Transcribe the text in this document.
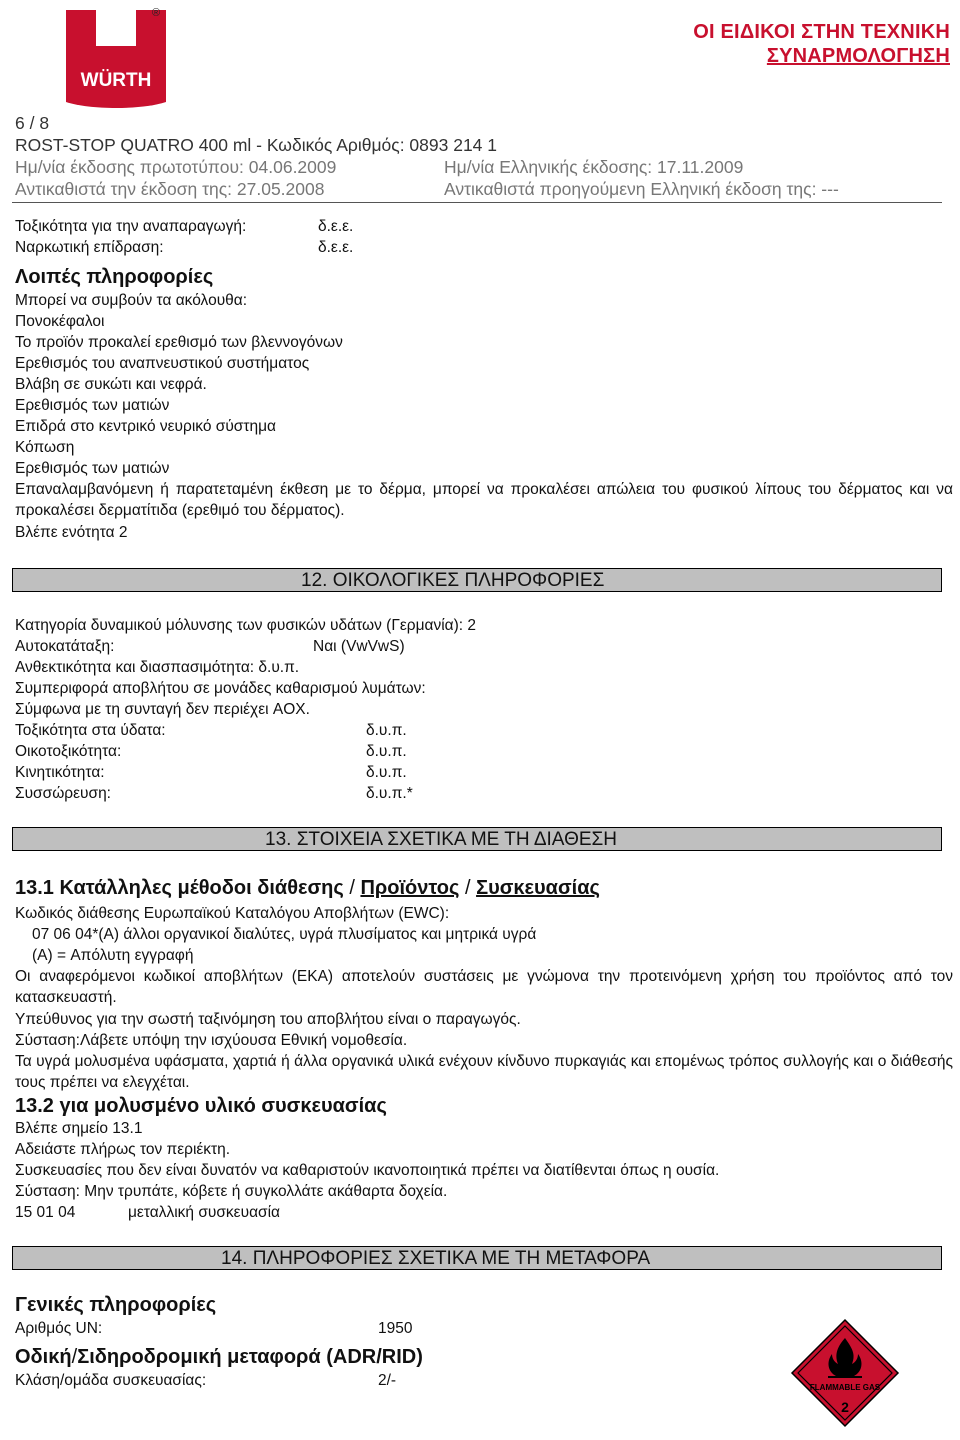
WÜRTH
®
ΟΙ ΕΙΔΙΚΟΙ ΣΤΗΝ ΤΕΧΝΙΚΗ
ΣΥΝΑΡΜΟΛΟΓΗΣΗ
6 / 8
ROST-STOP QUATRO 400 ml - Κωδικός Αριθμός: 0893 214 1
Ημ/νία έκδοσης πρωτοτύπου: 04.06.2009	Ημ/νία Ελληνικής έκδοσης: 17.11.2009
Αντικαθιστά την έκδοση της: 27.05.2008	Αντικαθιστά προηγούμενη Ελληνική έκδοση της: ---
Τοξικότητα για την αναπαραγωγή:	δ.ε.ε.
Ναρκωτική επίδραση:	δ.ε.ε.
Λοιπές πληροφορίες
Μπορεί να συμβούν τα ακόλουθα:
Πονοκέφαλοι
Το προϊόν προκαλεί ερεθισμό των βλεννογόνων
Ερεθισμός του αναπνευστικού συστήματος
Βλάβη σε συκώτι και νεφρά.
Ερεθισμός των ματιών
Επιδρά στο κεντρικό νευρικό σύστημα
Κόπωση
Ερεθισμός των ματιών
Επαναλαμβανόμενη ή παρατεταμένη έκθεση με το δέρμα, μπορεί να προκαλέσει απώλεια του φυσικού λίπους του δέρματος και να προκαλέσει δερματίτιδα (ερεθιμό του δέρματος).
Βλέπε ενότητα 2
12. ΟΙΚΟΛΟΓΙΚΕΣ ΠΛΗΡΟΦΟΡΙΕΣ
Κατηγορία δυναμικού μόλυνσης των φυσικών υδάτων (Γερμανία): 2
Αυτοκατάταξη:	Ναι (VwVwS)
Ανθεκτικότητα και διασπασιμότητα: δ.υ.π.
Συμπεριφορά αποβλήτου σε μονάδες καθαρισμού λυμάτων:
Σύμφωνα με τη συνταγή δεν περιέχει AOX.
Τοξικότητα στα ύδατα:	δ.υ.π.
Οικοτοξικότητα:	δ.υ.π.
Κινητικότητα:	δ.υ.π.
Συσσώρευση:	δ.υ.π.*
13. ΣΤΟΙΧΕΙΑ ΣΧΕΤΙΚΑ ΜΕ ΤΗ ΔΙΑΘΕΣΗ
13.1 Κατάλληλες μέθοδοι διάθεσης / Προϊόντος / Συσκευασίας
Κωδικός διάθεσης Ευρωπαϊκού Καταλόγου Αποβλήτων (EWC):
07 06 04*(A) άλλοι οργανικοί διαλύτες, υγρά πλυσίματος και μητρικά υγρά
(A) = Απόλυτη εγγραφή
Οι αναφερόμενοι κωδικοί αποβλήτων (ΕΚΑ) αποτελούν συστάσεις με γνώμονα την προτεινόμενη χρήση του προϊόντος από τον κατασκευαστή.
Υπεύθυνος για την σωστή ταξινόμηση του αποβλήτου είναι ο παραγωγός.
Σύσταση:Λάβετε υπόψη την ισχύουσα Εθνική νομοθεσία.
Τα υγρά μολυσμένα υφάσματα, χαρτιά ή άλλα οργανικά υλικά ενέχουν κίνδυνο πυρκαγιάς και επομένως τρόπος συλλογής και ο διάθεσής τους πρέπει να ελεγχέται.
13.2 για μολυσμένο υλικό συσκευασίας
Βλέπε σημείο 13.1
Αδειάστε πλήρως τον περιέκτη.
Συσκευασίες που δεν είναι δυνατόν να καθαριστούν ικανοποιητικά πρέπει να διατίθενται όπως η ουσία.
Σύσταση: Μην τρυπάτε, κόβετε ή συγκολλάτε ακάθαρτα δοχεία.
15 01 04	μεταλλική συσκευασία
14. ΠΛΗΡΟΦΟΡΙΕΣ ΣΧΕΤΙΚΑ ΜΕ ΤΗ ΜΕΤΑΦΟΡΑ
Γενικές πληροφορίες
Αριθμός UN:	1950
Οδική/Σιδηροδρομική μεταφορά (ADR/RID)
Κλάση/ομάδα συσκευασίας:	2/-	FLAMMABLE GAS
2
